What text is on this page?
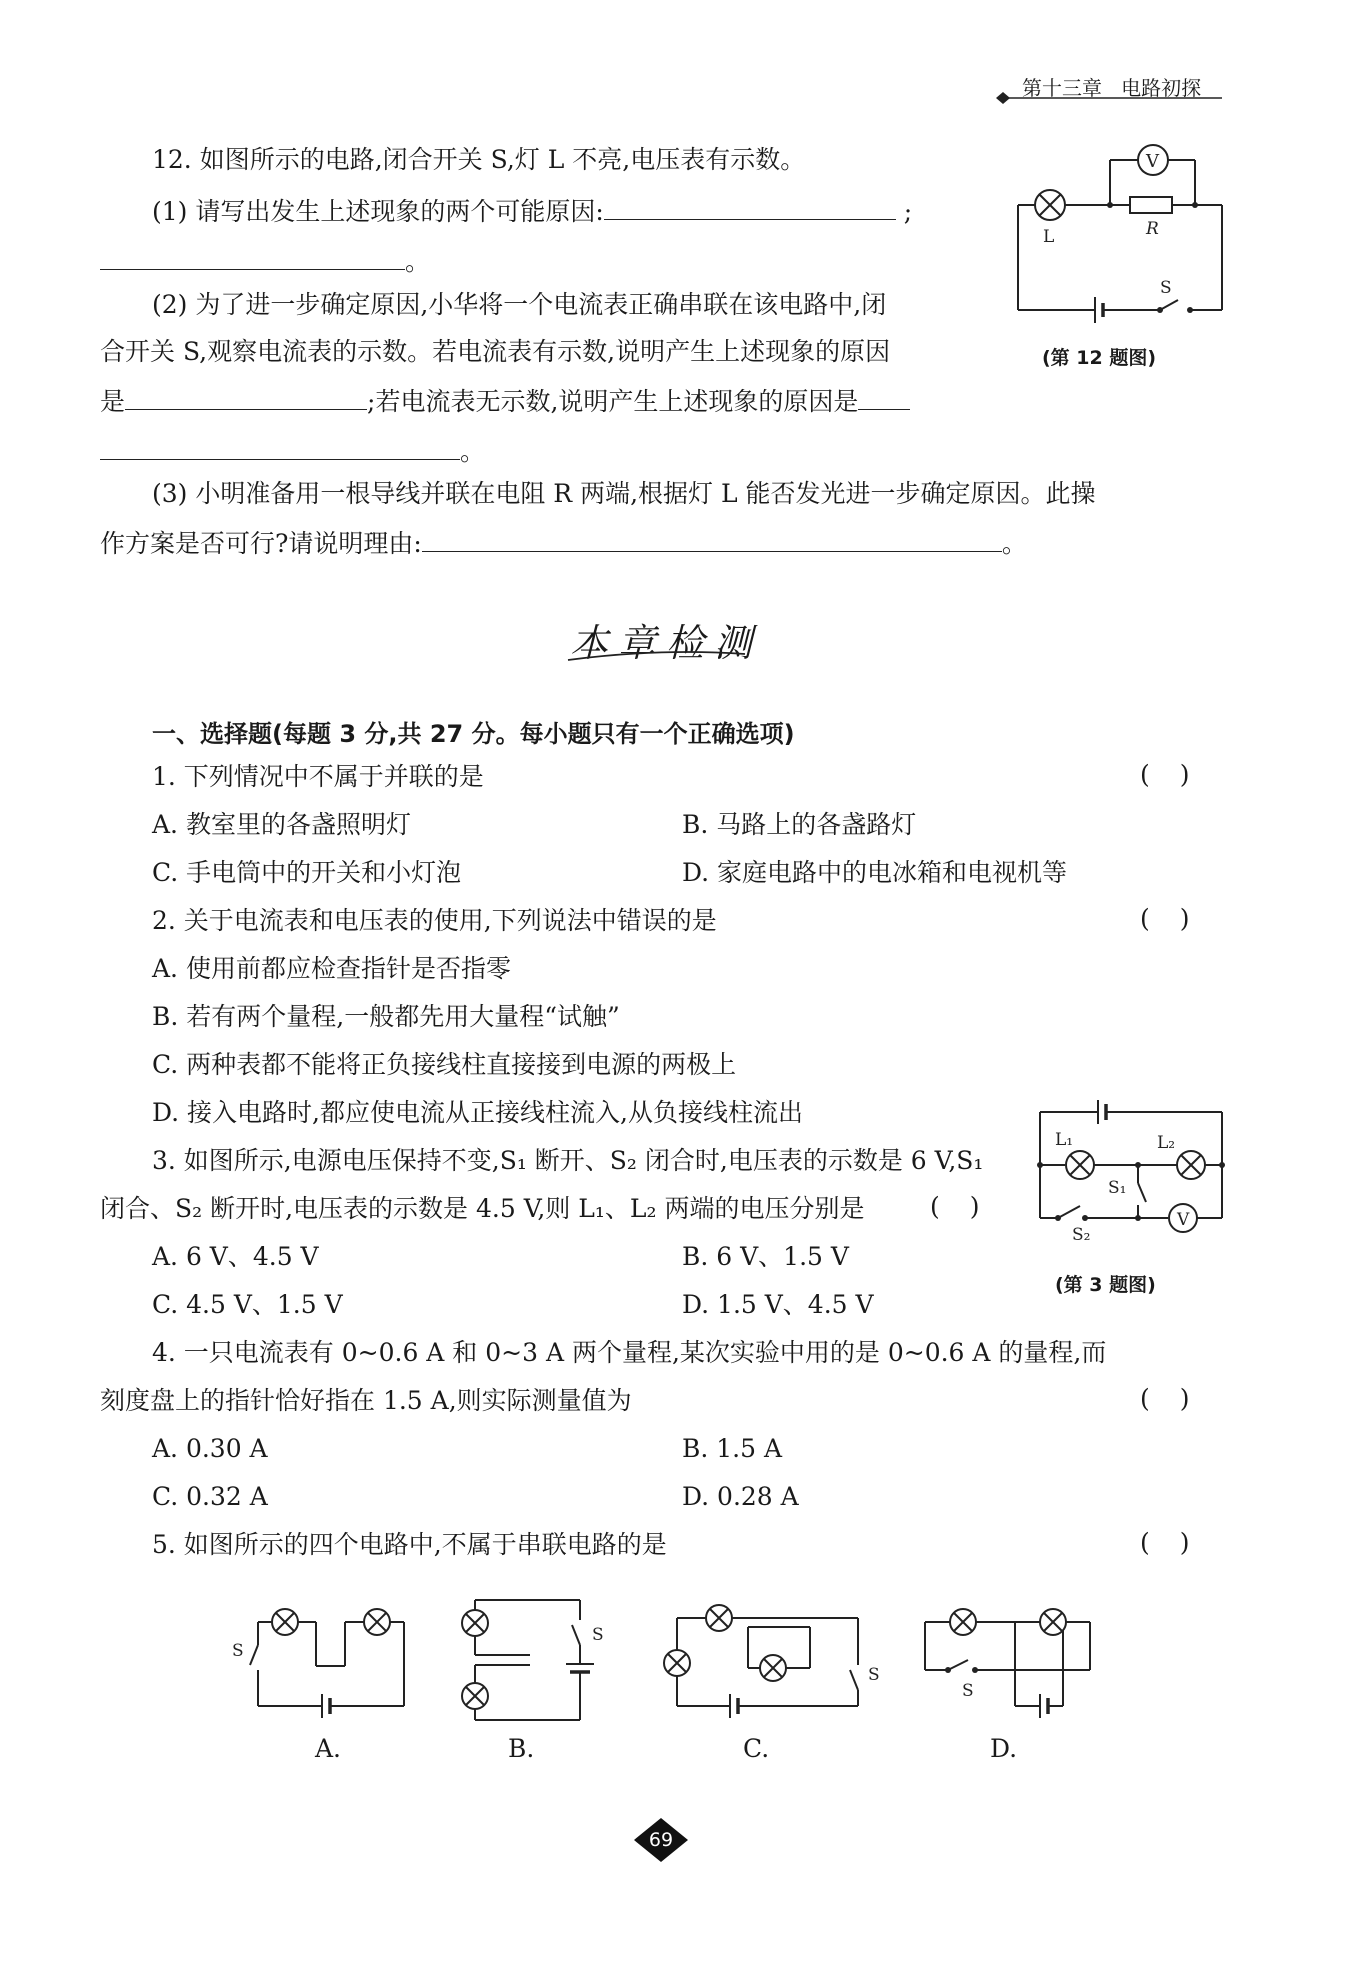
第十三章 电路初探
12. 如图所示的电路,闭合开关 S,灯 L 不亮,电压表有示数。
(1) 请写出发生上述现象的两个可能原因:	;
。
(2) 为了进一步确定原因,小华将一个电流表正确串联在该电路中,闭
合开关 S,观察电流表的示数。若电流表有示数,说明产生上述现象的原因
是	;若电流表无示数,说明产生上述现象的原因是
。
(3) 小明准备用一根导线并联在电阻 R 两端,根据灯 L 能否发光进一步确定原因。此操
作方案是否可行?请说明理由:	。
V
L	R
S
(第 12 题图)
本章检测
一、选择题(每题 3 分,共 27 分。每小题只有一个正确选项)
1. 下列情况中不属于并联的是	()
A. 教室里的各盏照明灯	B. 马路上的各盏路灯
C. 手电筒中的开关和小灯泡	D. 家庭电路中的电冰箱和电视机等
2. 关于电流表和电压表的使用,下列说法中错误的是	()
A. 使用前都应检查指针是否指零
B. 若有两个量程,一般都先用大量程“试触”
C. 两种表都不能将正负接线柱直接接到电源的两极上
D. 接入电路时,都应使电流从正接线柱流入,从负接线柱流出
3. 如图所示,电源电压保持不变,S₁ 断开、S₂ 闭合时,电压表的示数是 6 V,S₁
闭合、S₂ 断开时,电压表的示数是 4.5 V,则 L₁、L₂ 两端的电压分别是	()
A. 6 V、4.5 V	B. 6 V、1.5 V
C. 4.5 V、1.5 V	D. 1.5 V、4.5 V
L₁	L₂
S₁
S₂
V
(第 3 题图)
4. 一只电流表有 0~0.6 A 和 0~3 A 两个量程,某次实验中用的是 0~0.6 A 的量程,而
刻度盘上的指针恰好指在 1.5 A,则实际测量值为	()
A. 0.30 A	B. 1.5 A
C. 0.32 A	D. 0.28 A
5. 如图所示的四个电路中,不属于串联电路的是	()
S
S
S
S
A.	B.	C.	D.
69
